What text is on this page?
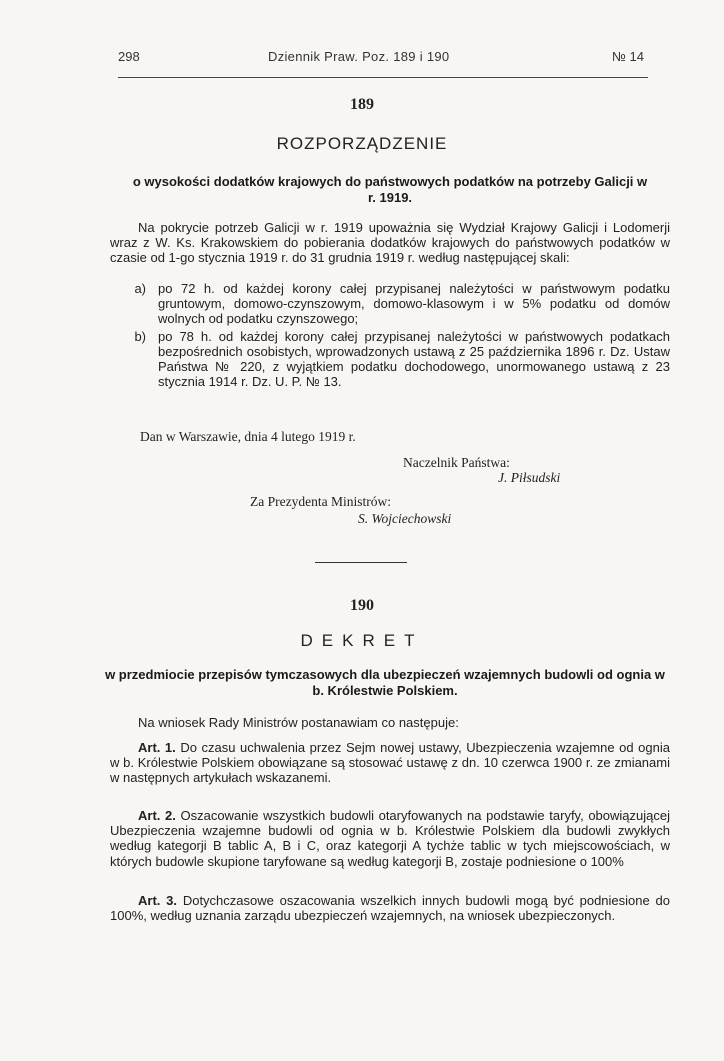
298	Dziennik Praw. Poz. 189 i 190	№ 14
189
ROZPORZĄDZENIE
o wysokości dodatków krajowych do państwowych podatków na potrzeby Galicji w r. 1919.
Na pokrycie potrzeb Galicji w r. 1919 upoważnia się Wydział Krajowy Galicji i Lodomerji wraz z W. Ks. Krakowskiem do pobierania dodatków krajowych do państwowych podatków w czasie od 1-go stycznia 1919 r. do 31 grudnia 1919 r. według następującej skali:
a) po 72 h. od każdej korony całej przypisanej należytości w państwowym podatku gruntowym, domowo-czynszowym, domowo-klasowym i w 5% podatku od domów wolnych od podatku czynszowego;
b) po 78 h. od każdej korony całej przypisanej należytości w państwowych podatkach bezpośrednich osobistych, wprowadzonych ustawą z 25 października 1896 r. Dz. Ustaw Państwa № 220, z wyjątkiem podatku dochodowego, unormowanego ustawą z 23 stycznia 1914 r. Dz. U. P. № 13.
Dan w Warszawie, dnia 4 lutego 1919 r.
Naczelnik Państwa:
J. Piłsudski
Za Prezydenta Ministrów:
S. Wojciechowski
190
DEKRET
w przedmiocie przepisów tymczasowych dla ubezpieczeń wzajemnych budowli od ognia w b. Królestwie Polskiem.
Na wniosek Rady Ministrów postanawiam co następuje:
Art. 1. Do czasu uchwalenia przez Sejm nowej ustawy, Ubezpieczenia wzajemne od ognia w b. Królestwie Polskiem obowiązane są stosować ustawę z dn. 10 czerwca 1900 r. ze zmianami w następnych artykułach wskazanemi.
Art. 2. Oszacowanie wszystkich budowli otaryfowanych na podstawie taryfy, obowiązującej Ubezpieczenia wzajemne budowli od ognia w b. Królestwie Polskiem dla budowli zwykłych według kategorji B tablic A, B i C, oraz kategorji A tychże tablic w tych miejscowościach, w których budowle skupione taryfowane są według kategorji B, zostaje podniesione o 100%
Art. 3. Dotychczasowe oszacowania wszelkich innych budowli mogą być podniesione do 100%, według uznania zarządu ubezpieczeń wzajemnych, na wniosek ubezpieczonych.
